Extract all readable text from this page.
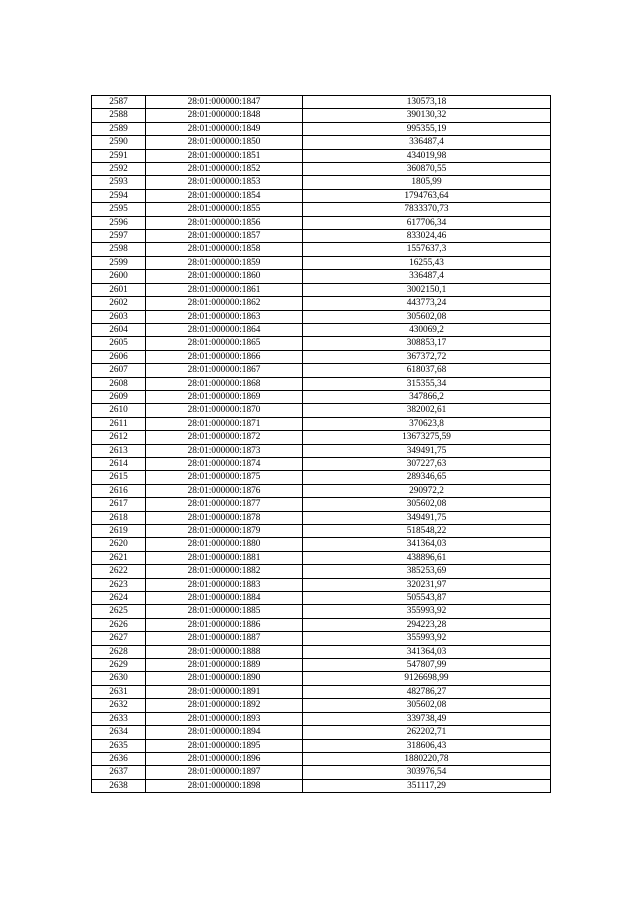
2587	28:01:000000:1847	130573,18
2588	28:01:000000:1848	390130,32
2589	28:01:000000:1849	995355,19
2590	28:01:000000:1850	336487,4
2591	28:01:000000:1851	434019,98
2592	28:01:000000:1852	360870,55
2593	28:01:000000:1853	1805,99
2594	28:01:000000:1854	1794763,64
2595	28:01:000000:1855	7833370,73
2596	28:01:000000:1856	617706,34
2597	28:01:000000:1857	833024,46
2598	28:01:000000:1858	1557637,3
2599	28:01:000000:1859	16255,43
2600	28:01:000000:1860	336487,4
2601	28:01:000000:1861	3002150,1
2602	28:01:000000:1862	443773,24
2603	28:01:000000:1863	305602,08
2604	28:01:000000:1864	430069,2
2605	28:01:000000:1865	308853,17
2606	28:01:000000:1866	367372,72
2607	28:01:000000:1867	618037,68
2608	28:01:000000:1868	315355,34
2609	28:01:000000:1869	347866,2
2610	28:01:000000:1870	382002,61
2611	28:01:000000:1871	370623,8
2612	28:01:000000:1872	13673275,59
2613	28:01:000000:1873	349491,75
2614	28:01:000000:1874	307227,63
2615	28:01:000000:1875	289346,65
2616	28:01:000000:1876	290972,2
2617	28:01:000000:1877	305602,08
2618	28:01:000000:1878	349491,75
2619	28:01:000000:1879	518548,22
2620	28:01:000000:1880	341364,03
2621	28:01:000000:1881	438896,61
2622	28:01:000000:1882	385253,69
2623	28:01:000000:1883	320231,97
2624	28:01:000000:1884	505543,87
2625	28:01:000000:1885	355993,92
2626	28:01:000000:1886	294223,28
2627	28:01:000000:1887	355993,92
2628	28:01:000000:1888	341364,03
2629	28:01:000000:1889	547807,99
2630	28:01:000000:1890	9126698,99
2631	28:01:000000:1891	482786,27
2632	28:01:000000:1892	305602,08
2633	28:01:000000:1893	339738,49
2634	28:01:000000:1894	262202,71
2635	28:01:000000:1895	318606,43
2636	28:01:000000:1896	1880220,78
2637	28:01:000000:1897	303976,54
2638	28:01:000000:1898	351117,29
